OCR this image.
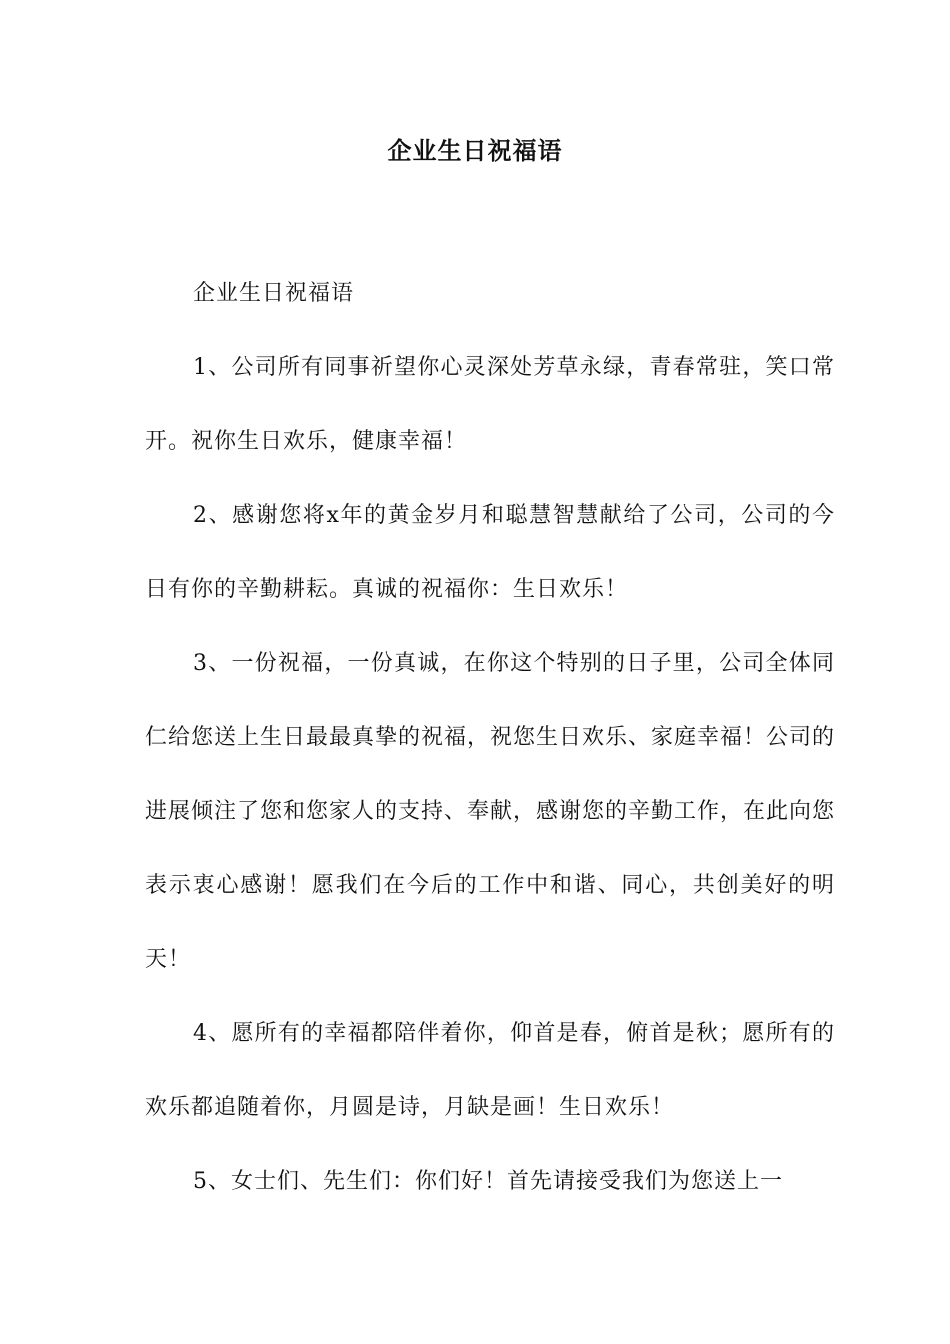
企业生日祝福语

企业生日祝福语

1、公司所有同事祈望你心灵深处芳草永绿，青春常驻，笑口常开。祝你生日欢乐，健康幸福！

2、感谢您将x年的黄金岁月和聪慧智慧献给了公司，公司的今日有你的辛勤耕耘。真诚的祝福你：生日欢乐！

3、一份祝福，一份真诚，在你这个特别的日子里，公司全体同仁给您送上生日最最真挚的祝福，祝您生日欢乐、家庭幸福！公司的进展倾注了您和您家人的支持、奉献，感谢您的辛勤工作，在此向您表示衷心感谢！愿我们在今后的工作中和谐、同心，共创美好的明天！

4、愿所有的幸福都陪伴着你，仰首是春，俯首是秋；愿所有的欢乐都追随着你，月圆是诗，月缺是画！生日欢乐！

5、女士们、先生们：你们好！首先请接受我们为您送上一
